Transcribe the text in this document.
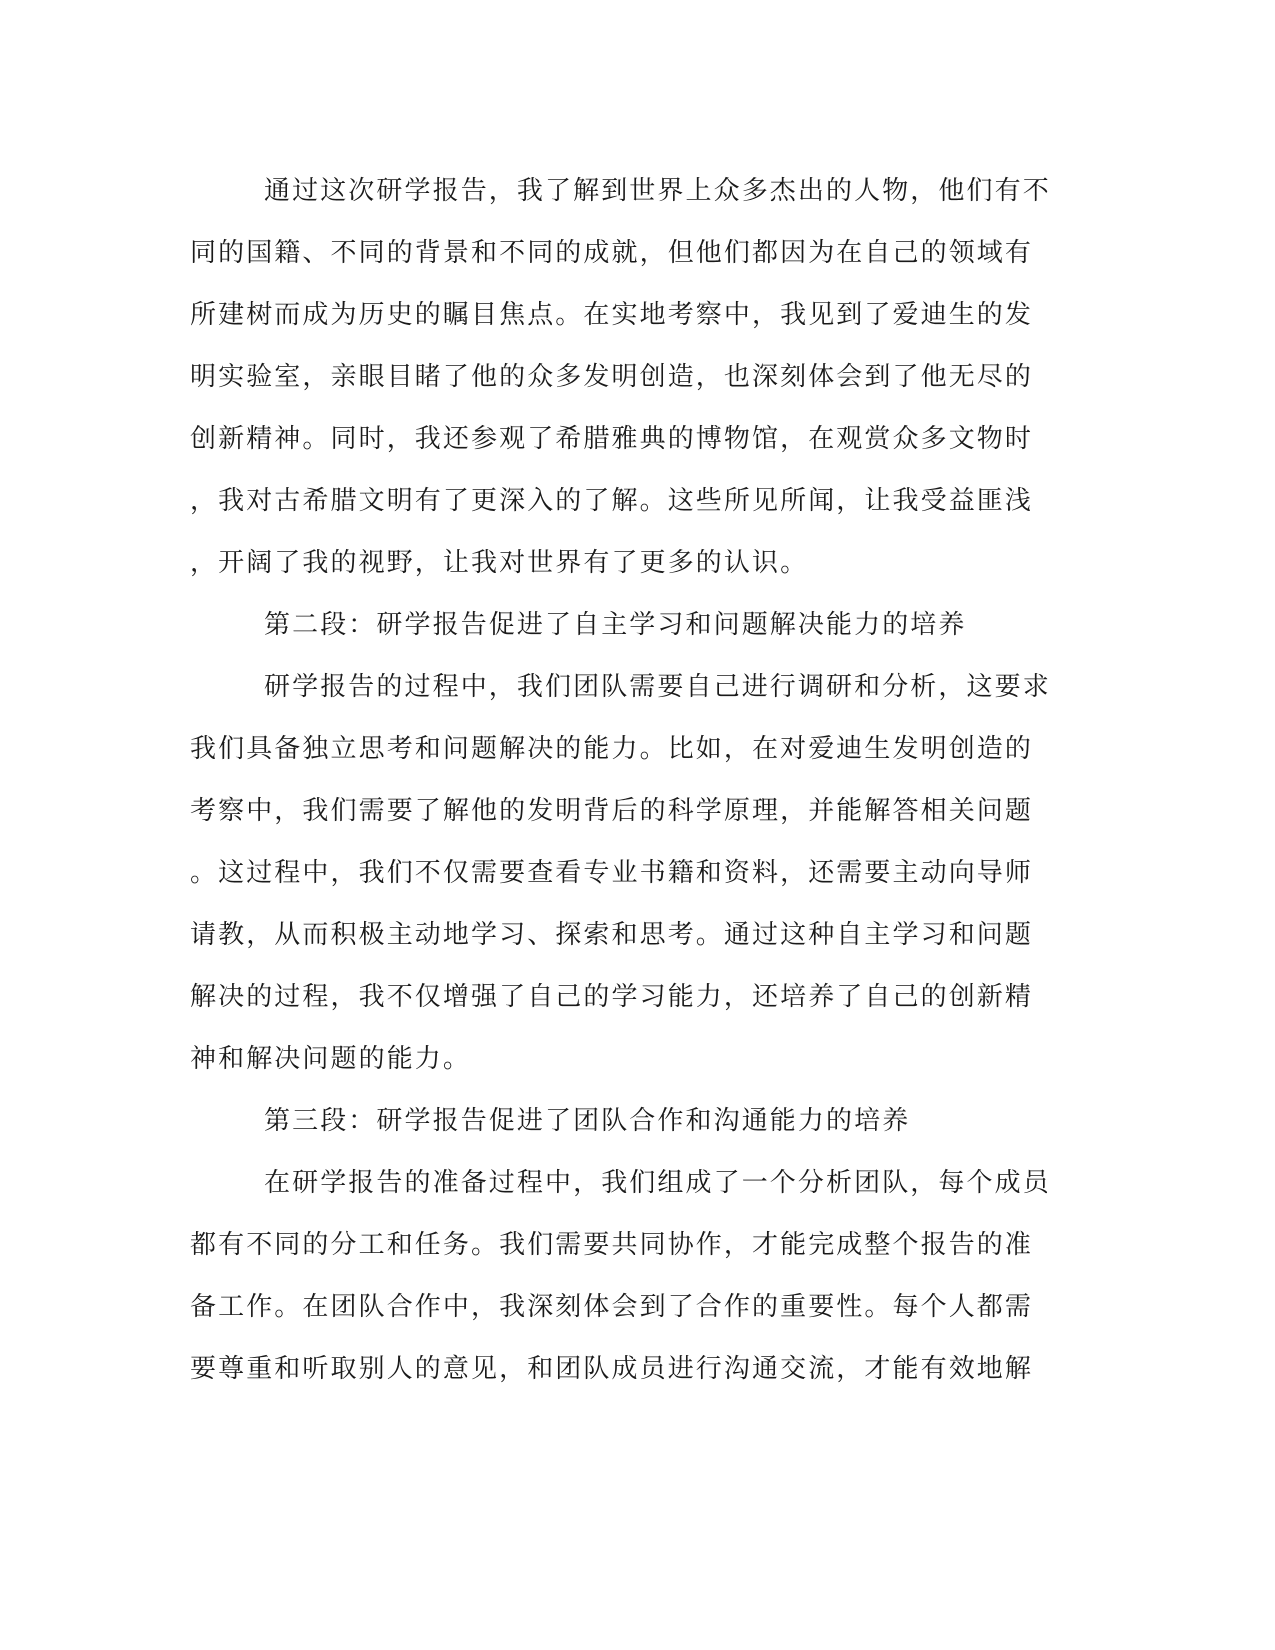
通过这次研学报告，我了解到世界上众多杰出的人物，他们有不
同的国籍、不同的背景和不同的成就，但他们都因为在自己的领域有
所建树而成为历史的瞩目焦点。在实地考察中，我见到了爱迪生的发
明实验室，亲眼目睹了他的众多发明创造，也深刻体会到了他无尽的
创新精神。同时，我还参观了希腊雅典的博物馆，在观赏众多文物时
，我对古希腊文明有了更深入的了解。这些所见所闻，让我受益匪浅
，开阔了我的视野，让我对世界有了更多的认识。
第二段：研学报告促进了自主学习和问题解决能力的培养
研学报告的过程中，我们团队需要自己进行调研和分析，这要求
我们具备独立思考和问题解决的能力。比如，在对爱迪生发明创造的
考察中，我们需要了解他的发明背后的科学原理，并能解答相关问题
。这过程中，我们不仅需要查看专业书籍和资料，还需要主动向导师
请教，从而积极主动地学习、探索和思考。通过这种自主学习和问题
解决的过程，我不仅增强了自己的学习能力，还培养了自己的创新精
神和解决问题的能力。
第三段：研学报告促进了团队合作和沟通能力的培养
在研学报告的准备过程中，我们组成了一个分析团队，每个成员
都有不同的分工和任务。我们需要共同协作，才能完成整个报告的准
备工作。在团队合作中，我深刻体会到了合作的重要性。每个人都需
要尊重和听取别人的意见，和团队成员进行沟通交流，才能有效地解
